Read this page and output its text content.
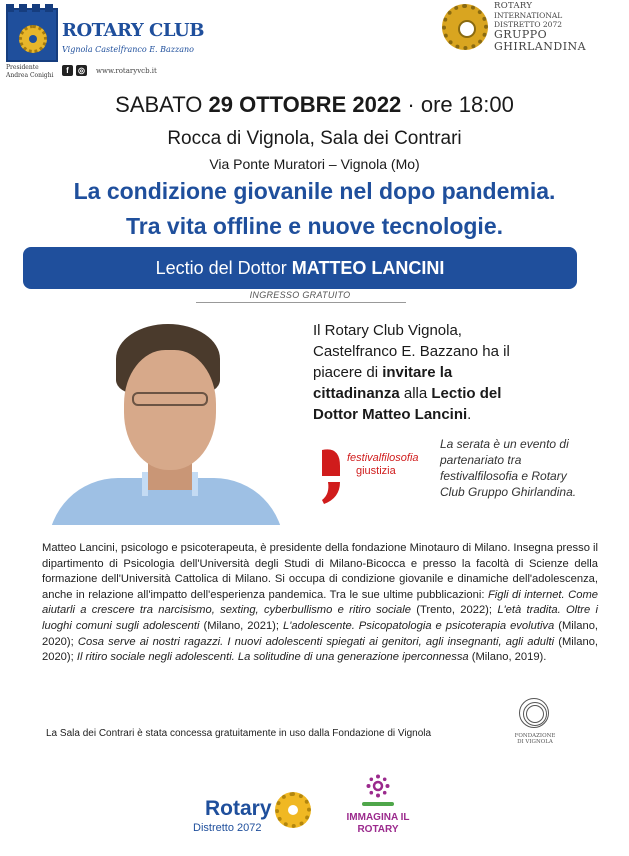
ROTARY CLUB
Vignola Castelfranco E. Bazzano
Presidente
Andrea Conighi
f	◎ www.rotaryvcb.it
ROTARY
INTERNATIONAL
DISTRETTO 2072
GRUPPO
GHIRLANDINA
SABATO 29 OTTOBRE 2022 · ore 18:00
Rocca di Vignola, Sala dei Contrari
Via Ponte Muratori – Vignola (Mo)
La condizione giovanile nel dopo pandemia.
Tra vita offline e nuove tecnologie.
Lectio del Dottor MATTEO LANCINI
INGRESSO GRATUITO
Il Rotary Club Vignola, Castelfranco E. Bazzano ha il piacere di invitare la cittadinanza alla Lectio del Dottor Matteo Lancini.
festivalfilosofia
giustizia
La serata è un evento di partenariato tra festivalfilosofia e Rotary Club Gruppo Ghirlandina.
Matteo Lancini, psicologo e psicoterapeuta, è presidente della fondazione Minotauro di Milano. Insegna presso il dipartimento di Psicologia dell'Università degli Studi di Milano-Bicocca e presso la facoltà di Scienze della formazione dell'Università Cattolica di Milano. Si occupa di condizione giovanile e dinamiche dell'adolescenza, anche in relazione all'impatto dell'esperienza pandemica. Tra le sue ultime pubblicazioni: Figli di internet. Come aiutarli a crescere tra narcisismo, sexting, cyberbullismo e ritiro sociale (Trento, 2022); L'età tradita. Oltre i luoghi comuni sugli adolescenti (Milano, 2021); L'adolescente. Psicopatologia e psicoterapia evolutiva (Milano, 2020); Cosa serve ai nostri ragazzi. I nuovi adolescenti spiegati ai genitori, agli insegnanti, agli adulti (Milano, 2020); Il ritiro sociale negli adolescenti. La solitudine di una generazione iperconnessa (Milano, 2019).
La Sala dei Contrari è stata concessa gratuitamente in uso dalla Fondazione di Vignola	FONDAZIONE
DI VIGNOLA
Rotary
Distretto 2072
IMMAGINA IL
ROTARY
